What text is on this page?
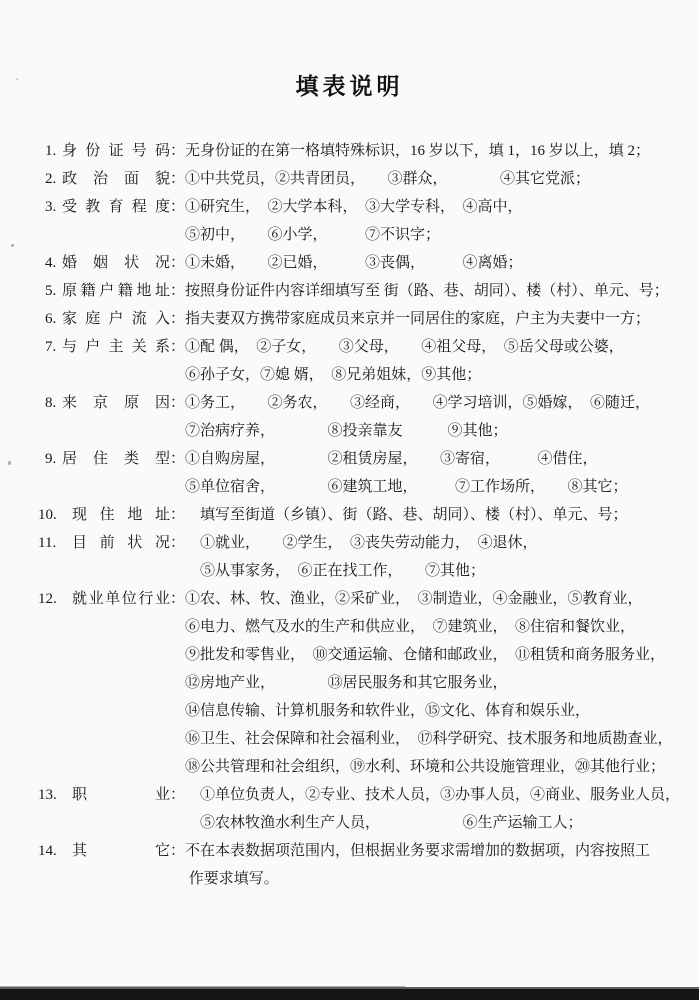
填表说明
1. 身份证号码 ： 无身份证的在第一格填特殊标识，16 岁以下，填 1，16 岁以上，填 2；
2. 政治面貌 ： ①中共党员，②共青团员，　　③群众，　　　　④其它党派；
3. 受教育程度 ： ①研究生，　②大学本科，　③大学专科，　④高中，
⑤初中，　　⑥小学，　　　⑦不识字；
4. 婚姻状况 ： ①未婚，　　②已婚，　　　③丧偶，　　　④离婚；
5. 原籍户籍地址 ： 按照身份证件内容详细填写至 街（路、巷、胡同）、楼（村）、单元、号；
6. 家庭户流入 ： 指夫妻双方携带家庭成员来京并一同居住的家庭，户主为夫妻中一方；
7. 与户主关系 ： ①配 偶，　②子女，　　③父母，　　④祖父母，　⑤岳父母或公婆，
⑥孙子女，⑦媳 婿，　⑧兄弟姐妹，⑨其他；
8. 来京原因 ： ①务工，　　②务农，　　③经商，　　④学习培训，⑤婚嫁，　⑥随迁，
⑦治病疗养，　　　　⑧投亲靠友　　　⑨其他；
9. 居住类型 ： ①自购房屋，　　　　②租赁房屋，　　③寄宿，　　　④借住，
⑤单位宿舍，　　　　⑥建筑工地，　　　⑦工作场所，　　⑧其它；
10.	现住地址 ： 　填写至街道（乡镇）、街（路、巷、胡同）、楼（村）、单元、号；
11.	目前状况 ： 　①就业，　　②学生，　③丧失劳动能力，　④退休，
　⑤从事家务，　⑥正在找工作，　　⑦其他；
12.	就业单位行业 ： ①农、林、牧、渔业，②采矿业，　③制造业，④金融业，⑤教育业，
⑥电力、燃气及水的生产和供应业，　⑦建筑业，　⑧住宿和餐饮业，
⑨批发和零售业，　⑩交通运输、仓储和邮政业，　⑪租赁和商务服务业，
⑫房地产业，　　　　⑬居民服务和其它服务业，
⑭信息传输、计算机服务和软件业，⑮文化、体育和娱乐业，
⑯卫生、社会保障和社会福利业，　⑰科学研究、技术服务和地质勘查业，
⑱公共管理和社会组织，⑲水利、环境和公共设施管理业，⑳其他行业；
13.	职业 ： 　①单位负责人，②专业、技术人员，③办事人员，④商业、服务业人员，
　⑤农林牧渔水利生产人员，　　　　　　⑥生产运输工人；
14.	其它 ： 不在本表数据项范围内，但根据业务要求需增加的数据项，内容按照工
作要求填写。
